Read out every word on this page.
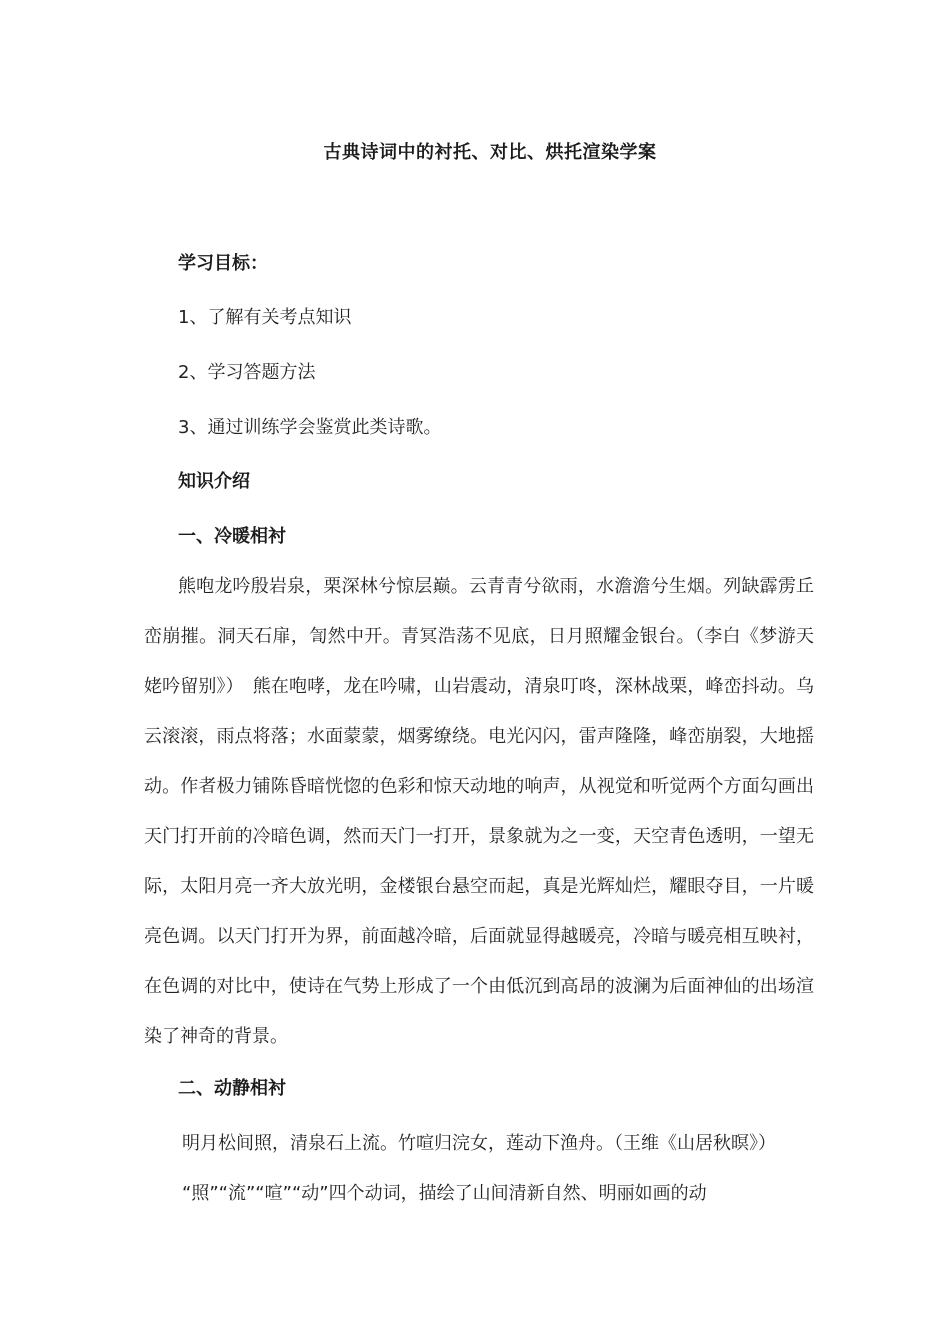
古典诗词中的衬托、对比、烘托渲染学案
学习目标：
1、了解有关考点知识
2、学习答题方法
3、通过训练学会鉴赏此类诗歌。
知识介绍
一、冷暖相衬
熊咆龙吟殷岩泉，栗深林兮惊层巅。云青青兮欲雨，水澹澹兮生烟。列缺霹雳丘峦崩摧。洞天石扉，訇然中开。青冥浩荡不见底，日月照耀金银台。（李白《梦游天姥吟留别》）　熊在咆哮，龙在吟啸，山岩震动，清泉叮咚，深林战栗，峰峦抖动。乌云滚滚，雨点将落；水面蒙蒙，烟雾缭绕。电光闪闪，雷声隆隆，峰峦崩裂，大地摇动。作者极力铺陈昏暗恍惚的色彩和惊天动地的响声，从视觉和听觉两个方面勾画出天门打开前的冷暗色调，然而天门一打开，景象就为之一变，天空青色透明，一望无际，太阳月亮一齐大放光明，金楼银台悬空而起，真是光辉灿烂，耀眼夺目，一片暖亮色调。以天门打开为界，前面越冷暗，后面就显得越暖亮，冷暗与暖亮相互映衬，在色调的对比中，使诗在气势上形成了一个由低沉到高昂的波澜为后面神仙的出场渲染了神奇的背景。
二、动静相衬
明月松间照，清泉石上流。竹喧归浣女，莲动下渔舟。（王维《山居秋暝》）
“照”“流”“喧”“动”四个动词，描绘了山间清新自然、明丽如画的动
